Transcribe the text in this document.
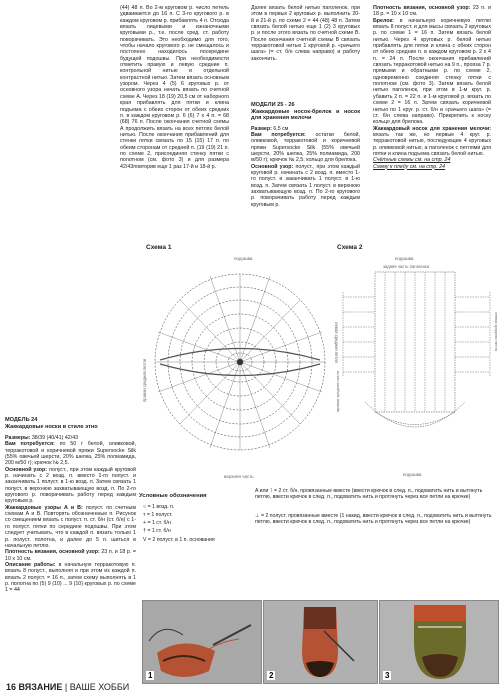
(44) 48 п. Во 2-м круговом р. число петель удваивается до 16 п. С 3-го кругового р. в каждом круговом р. прибавлять 4 п. Отсюда вязать лицевыми и изнаночными круговыми р., т.е. после сред. ст. работу поворачивать. Это необходимо для того, чтобы начало кругового р. не смещалось и постоянно находилось посередине будущей подошвы. При необходимости отметить правую и левую средние п. контрольной нитью и отдельной контрастной нитью. Затем вязать основным узором. Через 4 (5) 6 круговых р. от основного узора начать вязать по счетной схеме А. Через 18 (19) 20,5 см от наборного края прибавлять для пятки и клина подъема с обеих сторон от обеих средних п. в каждом круговом р. 6 (6) 7 х 4 п. = 68 (68) 76 п. После окончания счетной схемы А продолжить вязать на всех петлях белой нитью. После окончания прибавлений для стенки пятки связать по 15 (15) 17 п. по обеим сторонам от средней п. (19 (19) 21 п. по схеме 2, присоединяя стенку пятки с полотном (см. фото 3) и для размера 42/43повторив еще 1 раз 17-й и 18-й р.

Далее вязать белой нитью паголенок, при этом в первых 2 круговых р. выполнить 20-й и 21-й р. по схеме 2 = 44 (48) 48 п. Затем связать белой нитью еще 1 (2) 3 круговых р. и после этого вязать по счетной схеме В. После окончания счетной схемы В связать терракотовой нитью 1 круговой р. «рачьего шага» (= ст. б/н слева направо) и работу закончить.

МОДЕЛИ 25 - 26

Жаккардовые носок-брелок и носок для хранения мелочи

Размер: 6,5 см

Вам потребуется: остатки белой, оливковой, терракотовой и коричневой пряжи Supersocke Silk (55% овечьей шерсти, 20% шелка, 25% полиамида, 200 м/50 г); крючок № 2,5; кольцо для брелока.

Основной узор: полуст., при этом каждый круговой р. начинать с 2 возд. п. вместо 1-го полуст. и заканчивать 1 полуст. в 1-ю возд. п. Затем связать 1 полуст. в верхнюю захватывающую возд. п. По 2-го кругового р. поворачивать работу перед каждым круговым р.

Плотность вязания, основной узор: 23 п. и 18 р. = 10 х 10 см.

Брелок: в начальную коричневую петлю вязать 8 полуст. и для мысы связать 2 круговых р. по схеме 1 = 16 п. Затем вязать белой нитью. Через 4 круговых р. белой нитью прибавлять для пятки и клина с обеих сторон от обеих средних п. в каждом круговом р. 2 х 4 п. = 24 п. После окончания прибавлений связать терракотовой нитью на 9 п., прояза 7 р. прямыми и обратными р. по схеме 2, одновременно соединяя стенку пятки с полотном (см. фото 3). Затем вязать белой нитью паголенок, при этом в 1-м круг. р. убавить 2 п. = 22 п. и 1-м круговой р. вязать по схеме 2 = 16 п. Затем связать коричневой нитью по 1 круг. р. ст. б/н и «рачьего шага» (= ст. б/н слева направо). Прикрепить к носку кольцо для брелока.

Жаккардовый носок для хранения мелочи: вязать так же, но первые 4 круг. р. терракотовой нитью, последующие 4 круговых р. оливковой нитью, а паголенок с петлями для пятки и клина подъема связать белой нитью.

Счётные схемы см. на стр. 24

Схему к пледу см. на стр. 24

МОДЕЛЬ 24

Жаккардовые носки в стиле этно

Размеры: 38/39 (40/41) 42/43

Вам потребуется: по 50 г белой, оливковой, терракотовой и коричневой пряжи Supersocke Silk (55% овечьей шерсти, 20% шелка, 25% полиамида, 200 м/50 г); крючок № 2,5.

Основной узор: полуст., при этом каждый круговой р. начинать с 2 возд. п. вместо 1-го полуст. и заканчивать 1 полуст. в 1-ю возд. п. Затем связать 1 полуст. в верхнюю захватывающую возд. п. По 2-го кругового р. поворачивать работу перед каждым круговым р.

Жаккардовые узоры А и В: полуст. по счетным схемам А и В. Повторять обозначенные п. Рисунок со смещением вязать с полуст. п. ст. б/н (ст. б/н) с 1-го полуст. пятки по середине подошвы. При этом следует учитывать, что в каждой п. вязать только 1 р. полуст. полотна, и далее до 5 п. шиться в начальную петлю.

Плотность вязания, основной узор: 23 п. и 18 р. = 10 х 10 см.

Описание работы: в начальную терракотовую п. вязать 8 полуст., выполняя и при этом из каждой п. вязать 2 полуст. = 16 п., затем схему выполнять в 1 р. полотна по (5) 9 (10) ... 9 (10) круговых р. по схеме 1 = 44

Схема 1	Схема 2
подошва
правая средняя петля
левая средняя петля
верхняя часть
подошва
задняя часть паголенка
правая средняя петля
левая средняя петля
подошва
Условные обозначения
○ = 1 возд. п.
т = 1 полуст.
+ = 1 ст. б/н
† = 1 ст. б/н
V = 2 полуст. в 1 п. основания
A или ⊺ = 2 ст. б/н, провязанные вместе (ввести крючок в след. п., подхватить нить и вытянуть петлю, ввести крючок в след. п., подхватить нить и протянуть через все петли на крючке)
⊥ = 2 полуст. провязанные вместе (1 накид, ввести крючок в след. п., подхватить нить и вытянуть петлю, ввести крючок в след. п., подхватить нить и протянуть через все петли на крючке)
1	2	3
16 ВЯЗАНИЕ | ВАШЕ ХОББИ
